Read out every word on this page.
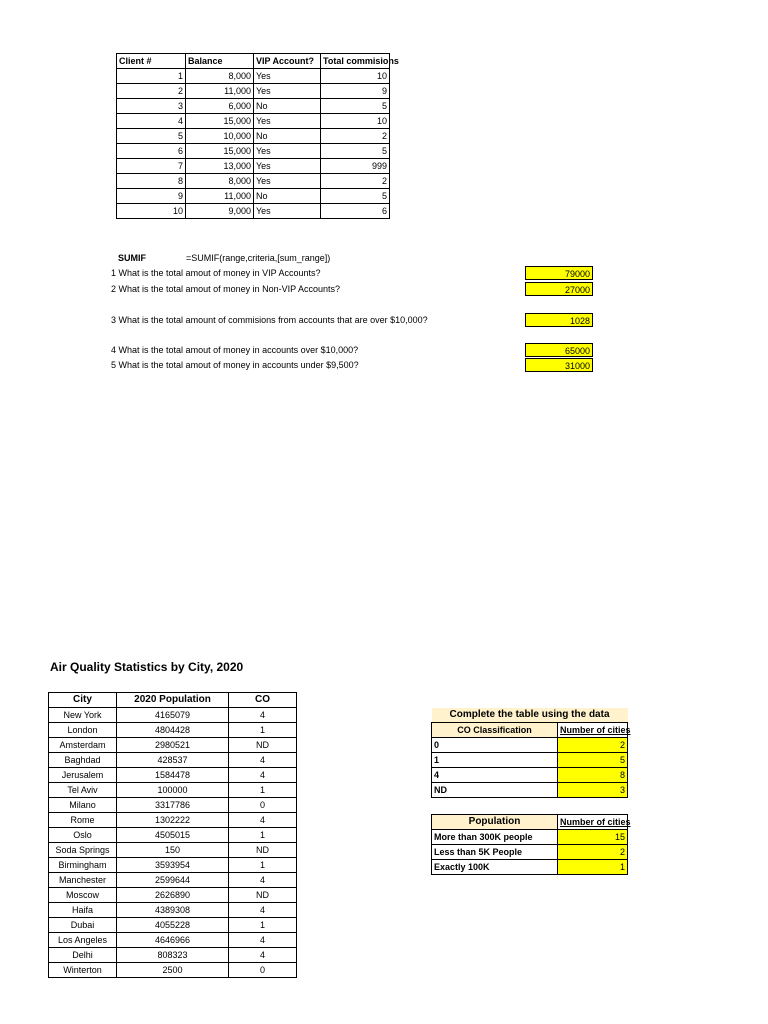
Client #	Balance	VIP Account?	Total commisions
1	8,000	Yes	10
2	11,000	Yes	9
3	6,000	No	5
4	15,000	Yes	10
5	10,000	No	2
6	15,000	Yes	5
7	13,000	Yes	999
8	8,000	Yes	2
9	11,000	No	5
10	9,000	Yes	6
SUMIF	=SUMIF(range,criteria,[sum_range])
1 What is the total amout of money in VIP Accounts?	79000
2 What is the total amout of money in Non-VIP Accounts?	27000
3 What is the total amount of commisions from accounts that are over $10,000?	1028
4 What is the total amout of money in accounts over $10,000?	65000
5 What is the total amout of money in accounts under $9,500?	31000
Air Quality Statistics by City, 2020
City	2020 Population	CO
New York	4165079	4
London	4804428	1
Amsterdam	2980521	ND
Baghdad	428537	4
Jerusalem	1584478	4
Tel Aviv	100000	1
Milano	3317786	0
Rome	1302222	4
Oslo	4505015	1
Soda Springs	150	ND
Birmingham	3593954	1
Manchester	2599644	4
Moscow	2626890	ND
Haifa	4389308	4
Dubai	4055228	1
Los Angeles	4646966	4
Delhi	808323	4
Winterton	2500	0
Complete the table using the data	
CO Classification	Number of cities
0	2
1	5
4	8
ND	3
Population	Number of cities
More than 300K people	15
Less than 5K People	2
Exactly 100K	1
